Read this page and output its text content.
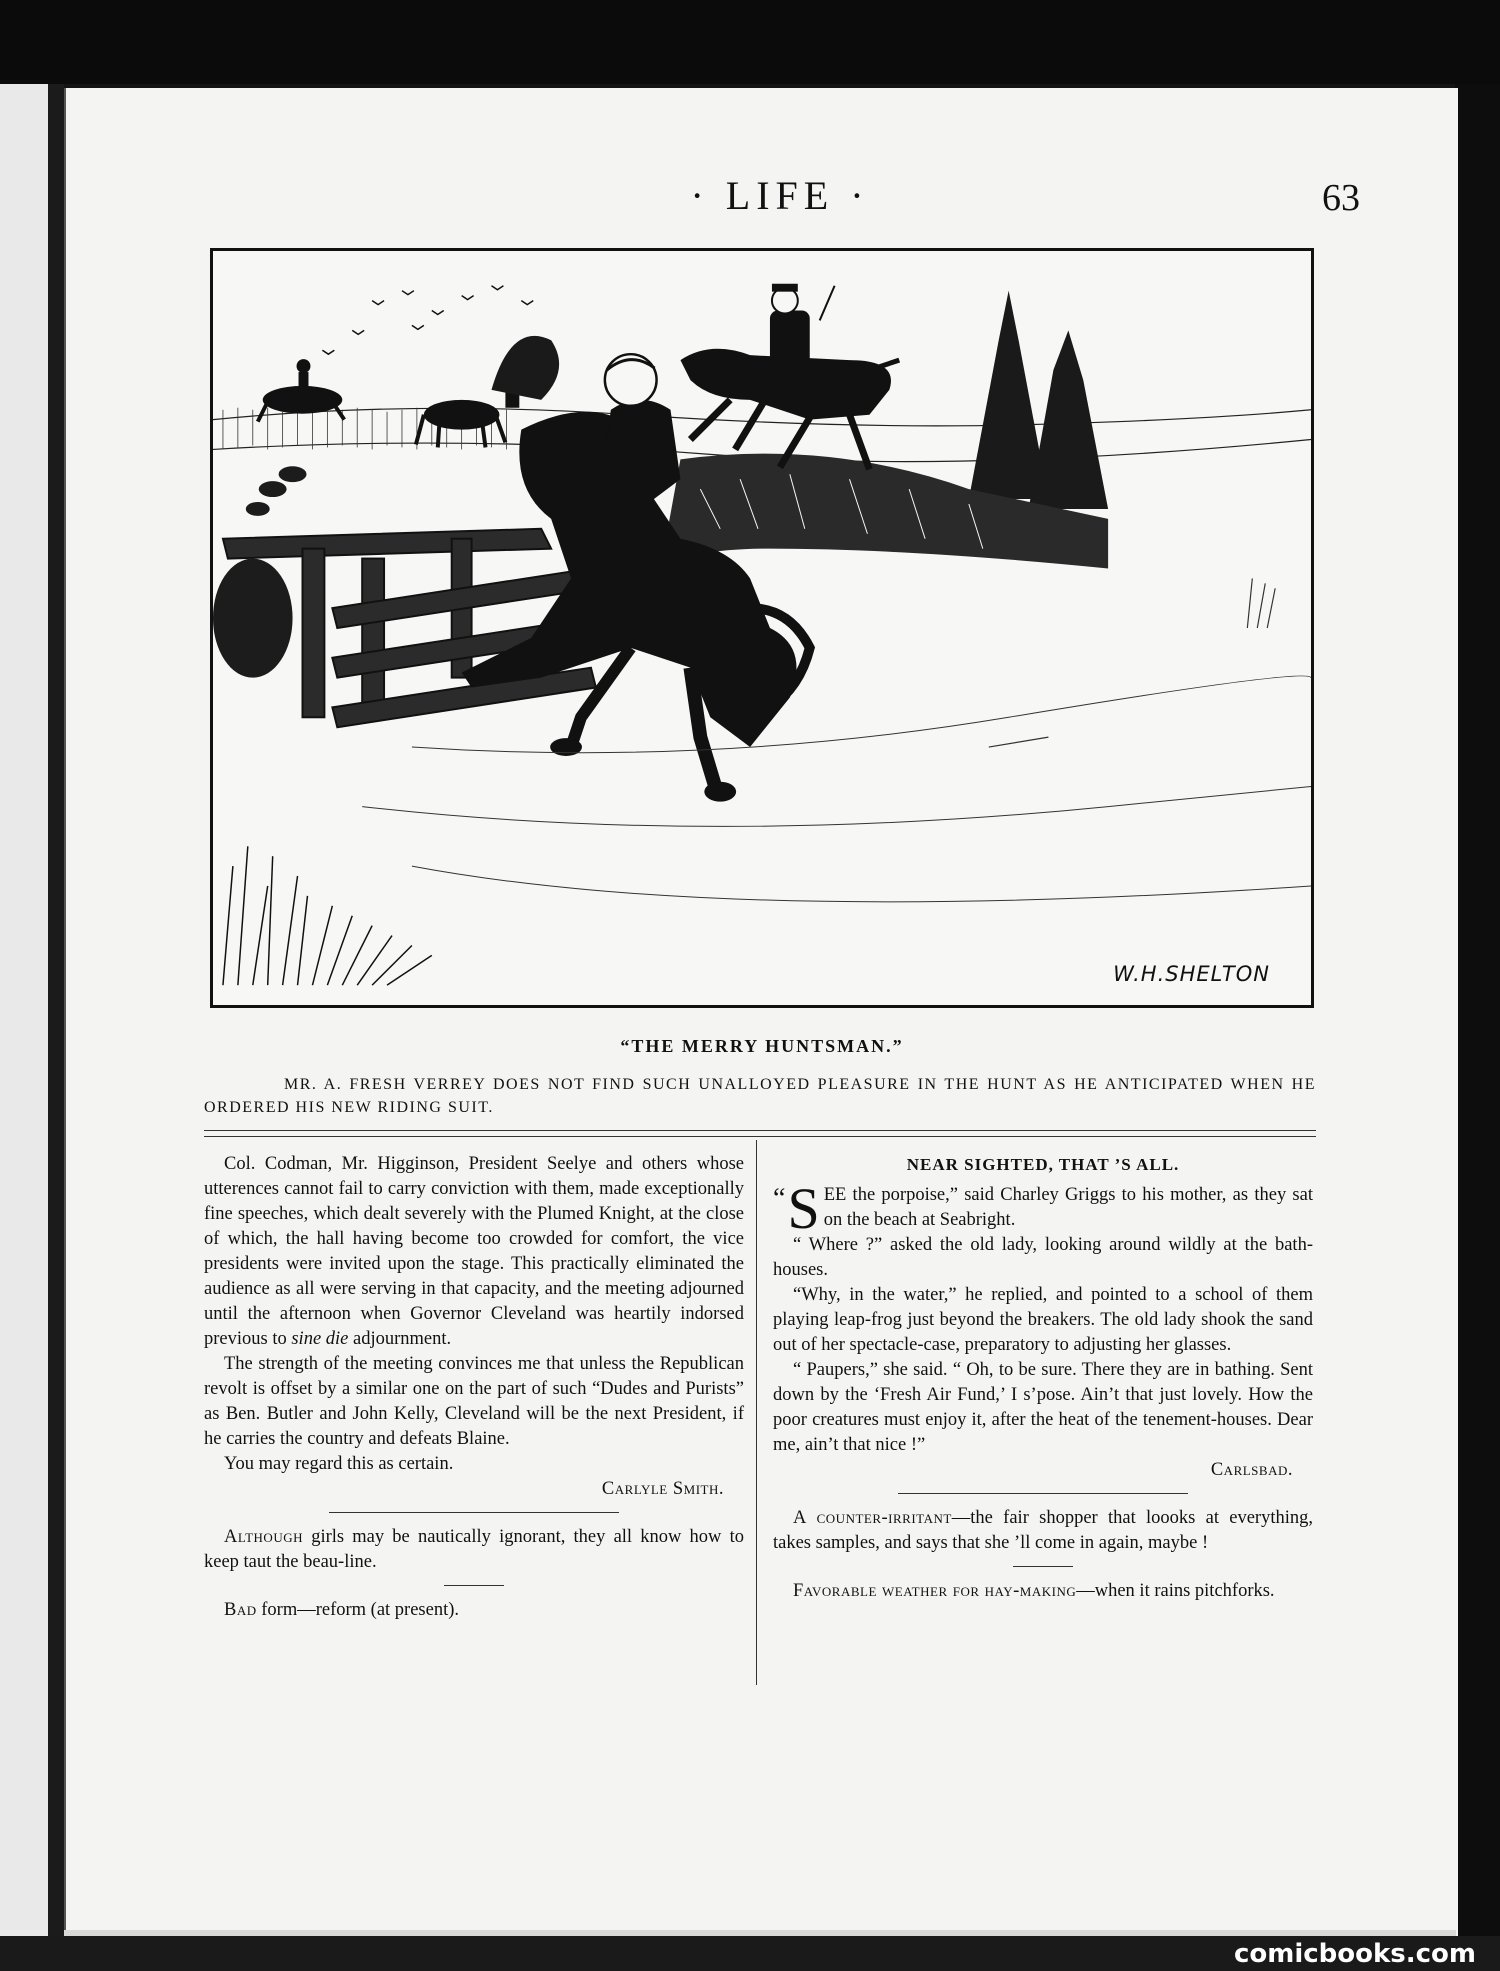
· LIFE ·	63
W.H.SHELTON
“THE MERRY HUNTSMAN.”
MR. A. FRESH VERREY DOES NOT FIND SUCH UNALLOYED PLEASURE IN THE HUNT AS HE ANTICIPATED WHEN HE ORDERED HIS NEW RIDING SUIT.

Col. Codman, Mr. Higginson, President Seelye and others whose utterences cannot fail to carry conviction with them, made exceptionally fine speeches, which dealt severely with the Plumed Knight, at the close of which, the hall having become too crowded for comfort, the vice presidents were invited upon the stage. This practically eliminated the audience as all were serving in that capacity, and the meeting adjourned until the afternoon when Governor Cleveland was heartily indorsed previous to sine die adjournment.

The strength of the meeting convinces me that unless the Republican revolt is offset by a similar one on the part of such “Dudes and Purists” as Ben. Butler and John Kelly, Cleveland will be the next President, if he carries the country and defeats Blaine.

You may regard this as certain.

Carlyle Smith.

Although girls may be nautically ignorant, they all know how to keep taut the beau-line.

Bad form—reform (at present).

NEAR SIGHTED, THAT ’S ALL.

“ S EE the porpoise,” said Charley Griggs to his mother, as they sat on the beach at Seabright.

“ Where ?” asked the old lady, looking around wildly at the bath-houses.

“Why, in the water,” he replied, and pointed to a school of them playing leap-frog just beyond the breakers. The old lady shook the sand out of her spectacle-case, preparatory to adjusting her glasses.

“ Paupers,” she said. “ Oh, to be sure. There they are in bathing. Sent down by the ‘Fresh Air Fund,’ I s’pose. Ain’t that just lovely. How the poor creatures must enjoy it, after the heat of the tenement-houses. Dear me, ain’t that nice !”

Carlsbad.

A counter-irritant—the fair shopper that loooks at everything, takes samples, and says that she ’ll come in again, maybe !

Favorable weather for hay-making—when it rains pitchforks.

comicbooks.com
